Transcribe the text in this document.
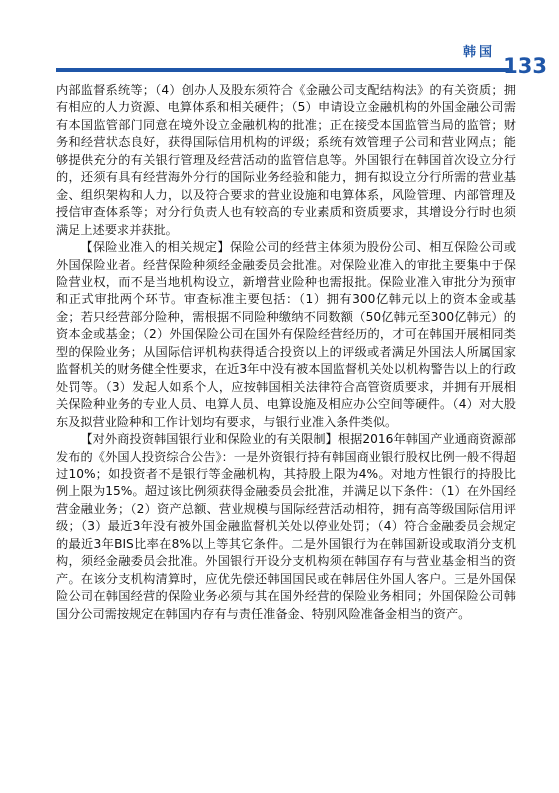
韩国
133

内部监督系统等；（4）创办人及股东须符合《金融公司支配结构法》的有关资质；拥有相应的人力资源、电算体系和相关硬件；（5）申请设立金融机构的外国金融公司需有本国监管部门同意在境外设立金融机构的批准；正在接受本国监管当局的监管；财务和经营状态良好，获得国际信用机构的评级；系统有效管理子公司和营业网点；能够提供充分的有关银行管理及经营活动的监管信息等。外国银行在韩国首次设立分行的，还须有具有经营海外分行的国际业务经验和能力，拥有拟设立分行所需的营业基金、组织架构和人力，以及符合要求的营业设施和电算体系，风险管理、内部管理及授信审查体系等；对分行负责人也有较高的专业素质和资质要求，其增设分行时也须满足上述要求并获批。

【保险业准入的相关规定】保险公司的经营主体须为股份公司、相互保险公司或外国保险业者。经营保险种须经金融委员会批准。对保险业准入的审批主要集中于保险营业权，而不是当地机构设立，新增营业险种也需报批。保险业准入审批分为预审和正式审批两个环节。审查标准主要包括：（1）拥有300亿韩元以上的资本金或基金；若只经营部分险种，需根据不同险种缴纳不同数额（50亿韩元至300亿韩元）的资本金或基金；（2）外国保险公司在国外有保险经营经历的，才可在韩国开展相同类型的保险业务；从国际信评机构获得适合投资以上的评级或者满足外国法人所属国家监督机关的财务健全性要求，在近3年中没有被本国监督机关处以机构警告以上的行政处罚等。（3）发起人如系个人，应按韩国相关法律符合高管资质要求，并拥有开展相关保险种业务的专业人员、电算人员、电算设施及相应办公空间等硬件。（4）对大股东及拟营业险种和工作计划均有要求，与银行业准入条件类似。

【对外商投资韩国银行业和保险业的有关限制】根据2016年韩国产业通商资源部发布的《外国人投资综合公告》：一是外资银行持有韩国商业银行股权比例一般不得超过10%；如投资者不是银行等金融机构，其持股上限为4%。对地方性银行的持股比例上限为15%。超过该比例须获得金融委员会批准，并满足以下条件：（1）在外国经营金融业务；（2）资产总额、营业规模与国际经营活动相符，拥有高等级国际信用评级；（3）最近3年没有被外国金融监督机关处以停业处罚；（4）符合金融委员会规定的最近3年BIS比率在8%以上等其它条件。二是外国银行为在韩国新设或取消分支机构，须经金融委员会批准。外国银行开设分支机构须在韩国存有与营业基金相当的资产。在该分支机构清算时，应优先偿还韩国国民或在韩居住外国人客户。三是外国保险公司在韩国经营的保险业务必须与其在国外经营的保险业务相同；外国保险公司韩国分公司需按规定在韩国内存有与责任准备金、特别风险准备金相当的资产。
